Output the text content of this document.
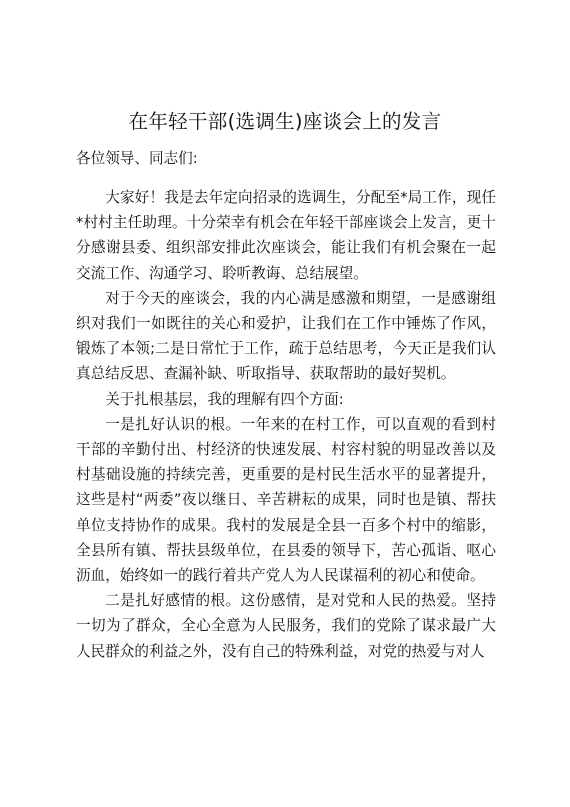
在年轻干部(选调生)座谈会上的发言
各位领导、同志们:

大家好！我是去年定向招录的选调生，分配至*局工作，现任*村村主任助理。十分荣幸有机会在年轻干部座谈会上发言，更十分感谢县委、组织部安排此次座谈会，能让我们有机会聚在一起交流工作、沟通学习、聆听教诲、总结展望。

对于今天的座谈会，我的内心满是感激和期望，一是感谢组织对我们一如既往的关心和爱护，让我们在工作中锤炼了作风，锻炼了本领;二是日常忙于工作，疏于总结思考，今天正是我们认真总结反思、查漏补缺、听取指导、获取帮助的最好契机。

关于扎根基层，我的理解有四个方面:

一是扎好认识的根。一年来的在村工作，可以直观的看到村干部的辛勤付出、村经济的快速发展、村容村貌的明显改善以及村基础设施的持续完善，更重要的是村民生活水平的显著提升，这些是村“两委”夜以继日、辛苦耕耘的成果，同时也是镇、帮扶单位支持协作的成果。我村的发展是全县一百多个村中的缩影，全县所有镇、帮扶县级单位，在县委的领导下，苦心孤诣、呕心沥血，始终如一的践行着共产党人为人民谋福利的初心和使命。

二是扎好感情的根。这份感情，是对党和人民的热爱。坚持一切为了群众，全心全意为人民服务，我们的党除了谋求最广大人民群众的利益之外，没有自己的特殊利益，对党的热爱与对人
